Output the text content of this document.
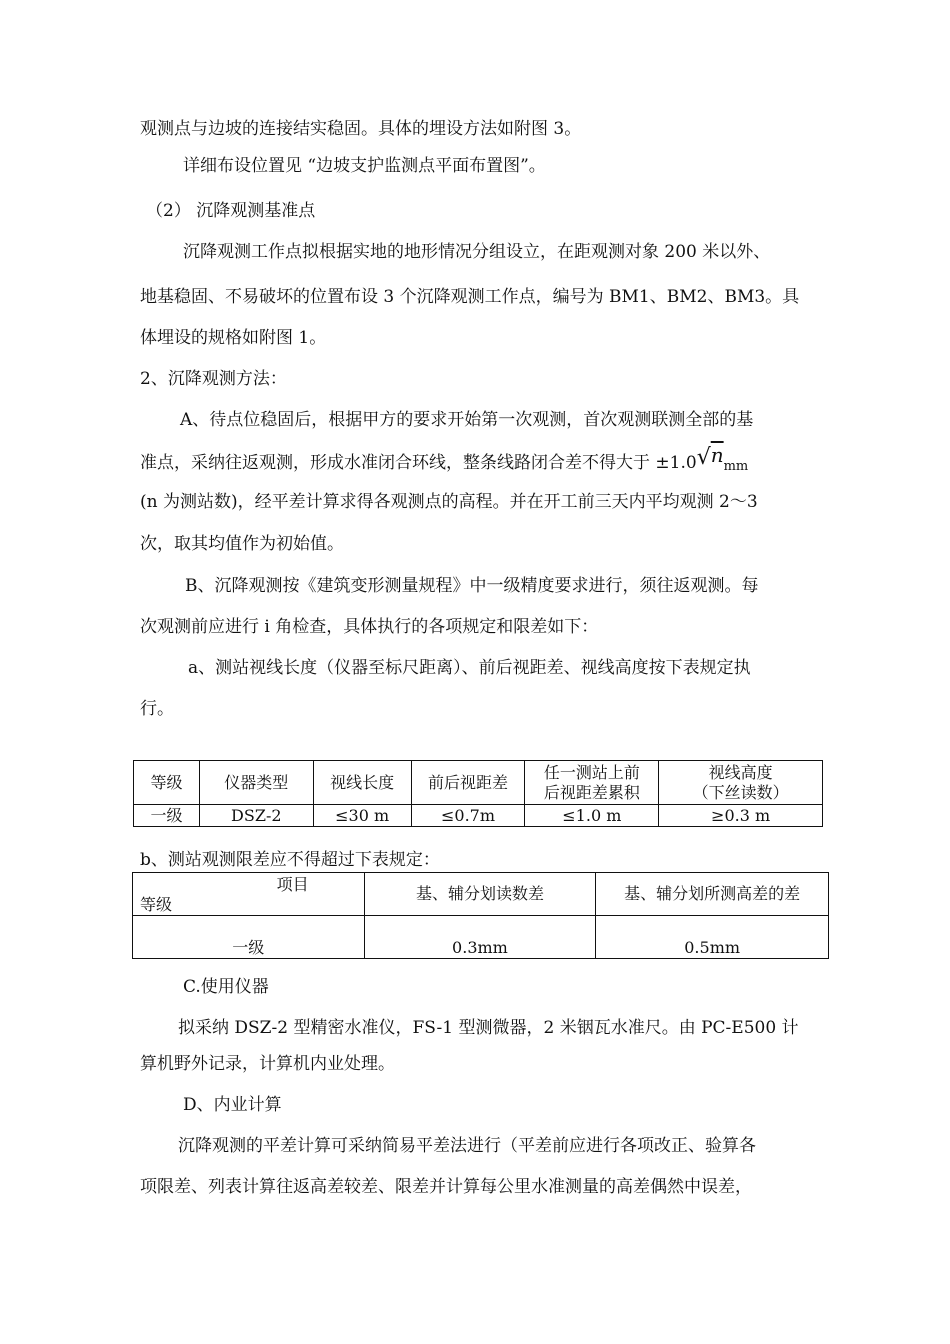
观测点与边坡的连接结实稳固。具体的埋设方法如附图 3。
详细布设位置见 “边坡支护监测点平面布置图”。
（2） 沉降观测基准点
沉降观测工作点拟根据实地的地形情况分组设立，在距观测对象 200 米以外、
地基稳固、不易破坏的位置布设 3 个沉降观测工作点，编号为 BM1、BM2、BM3。具
体埋设的规格如附图 1。
2、沉降观测方法：
A、待点位稳固后，根据甲方的要求开始第一次观测，首次观测联测全部的基
准点，采纳往返观测，形成水准闭合环线，整条线路闭合差不得大于 ±1.0√nmm
(n 为测站数)，经平差计算求得各观测点的高程。并在开工前三天内平均观测 2～3
次，取其均值作为初始值。
B、沉降观测按《建筑变形测量规程》中一级精度要求进行，须往返观测。每
次观测前应进行 i 角检查，具体执行的各项规定和限差如下：
a、测站视线长度（仪器至标尺距离）、前后视距差、视线高度按下表规定执
行。
等级	仪器类型	视线长度	前后视距差	任一测站上前
后视距差累积	视线高度
（下丝读数）
一级	DSZ-2	≤30 m	≤0.7m	≤1.0 m	≥0.3 m
b、测站观测限差应不得超过下表规定：
项目
等级	基、辅分划读数差	基、辅分划所测高差的差
一级	0.3mm	0.5mm
C.使用仪器
拟采纳 DSZ-2 型精密水准仪，FS-1 型测微器，2 米铟瓦水准尺。由 PC-E500 计
算机野外记录，计算机内业处理。
D、内业计算
沉降观测的平差计算可采纳简易平差法进行（平差前应进行各项改正、验算各
项限差、列表计算往返高差较差、限差并计算每公里水准测量的高差偶然中误差，
